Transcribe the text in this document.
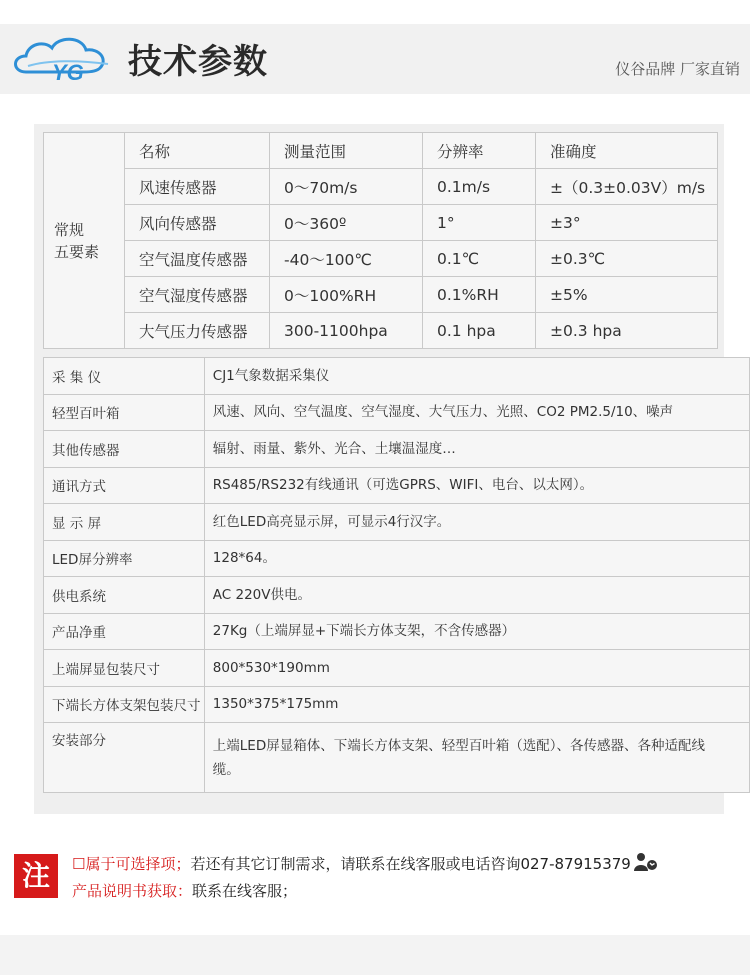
YG 技术参数	仪谷品牌 厂家直销
常规
五要素	名称	测量范围	分辨率	准确度
	风速传感器	0～70m/s	0.1m/s	±（0.3±0.03V）m/s
	风向传感器	0～360º	1°	±3°
	空气温度传感器	-40～100℃	0.1℃	±0.3℃
	空气湿度传感器	0～100%RH	0.1%RH	±5%
	大气压力传感器	300-1100hpa	0.1 hpa	±0.3 hpa
采 集 仪	CJ1气象数据采集仪
轻型百叶箱	风速、风向、空气温度、空气湿度、大气压力、光照、CO2 PM2.5/10、噪声
其他传感器	辐射、雨量、紫外、光合、土壤温湿度…
通讯方式	RS485/RS232有线通讯（可选GPRS、WIFI、电台、以太网）。
显 示 屏	红色LED高亮显示屏，可显示4行汉字。
LED屏分辨率	128*64。
供电系统	AC 220V供电。
产品净重	27Kg（上端屏显+下端长方体支架，不含传感器）
上端屏显包装尺寸	800*530*190mm
下端长方体支架包装尺寸	1350*375*175mm
安装部分	上端LED屏显箱体、下端长方体支架、轻型百叶箱（选配）、各传感器、各种适配线缆。
注	☐属于可选择项；若还有其它订制需求，请联系在线客服或电话咨询027-87915379
产品说明书获取：联系在线客服；
